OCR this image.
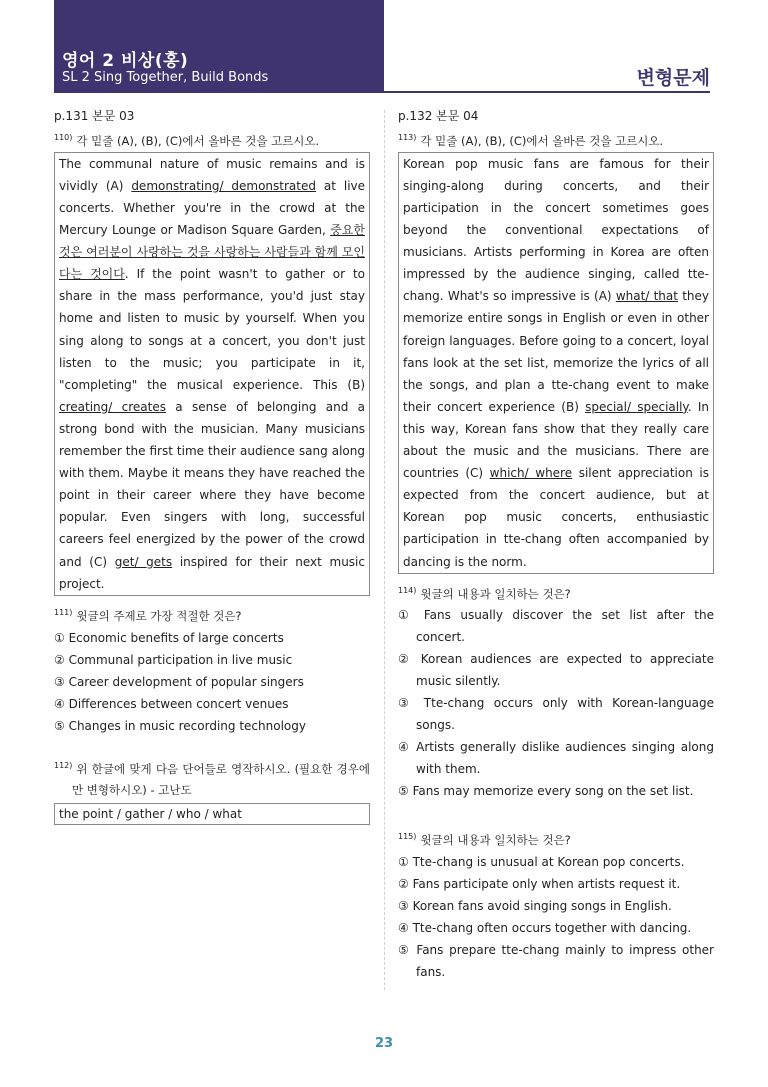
영어 2 비상(홍)
SL 2 Sing Together, Build Bonds	변형문제
p.131 본문 03
$^{110)}$ 각 밑줄 (A), (B), (C)에서 올바른 것을 고르시오.
The communal nature of music remains and is vividly (A) demonstrating/ demonstrated at live concerts. Whether you're in the crowd at the Mercury Lounge or Madison Square Garden, 중요한 것은 여러분이 사랑하는 것을 사랑하는 사람들과 함께 모인다는 것이다. If the point wasn't to gather or to share in the mass performance, you'd just stay home and listen to music by yourself. When you sing along to songs at a concert, you don't just listen to the music; you participate in it, "completing" the musical experience. This (B) creating/ creates a sense of belonging and a strong bond with the musician. Many musicians remember the first time their audience sang along with them. Maybe it means they have reached the point in their career where they have become popular. Even singers with long, successful careers feel energized by the power of the crowd and (C) get/ gets inspired for their next music project.
$^{111)}$ 윗글의 주제로 가장 적절한 것은?
① Economic benefits of large concerts
② Communal participation in live music
③ Career development of popular singers
④ Differences between concert venues
⑤ Changes in music recording technology
$^{112)}$ 위 한글에 맞게 다음 단어들로 영작하시오. (필요한 경우에만 변형하시오) - 고난도
the point / gather / who / what
p.132 본문 04
$^{113)}$ 각 밑줄 (A), (B), (C)에서 올바른 것을 고르시오.
Korean pop music fans are famous for their singing-along during concerts, and their participation in the concert sometimes goes beyond the conventional expectations of musicians. Artists performing in Korea are often impressed by the audience singing, called tte-chang. What's so impressive is (A) what/ that they memorize entire songs in English or even in other foreign languages. Before going to a concert, loyal fans look at the set list, memorize the lyrics of all the songs, and plan a tte-chang event to make their concert experience (B) special/ specially. In this way, Korean fans show that they really care about the music and the musicians. There are countries (C) which/ where silent appreciation is expected from the concert audience, but at Korean pop music concerts, enthusiastic participation in tte-chang often accompanied by dancing is the norm.
$^{114)}$ 윗글의 내용과 일치하는 것은?
① Fans usually discover the set list after the concert.
② Korean audiences are expected to appreciate music silently.
③ Tte-chang occurs only with Korean-language songs.
④ Artists generally dislike audiences singing along with them.
⑤ Fans may memorize every song on the set list.
$^{115)}$ 윗글의 내용과 일치하는 것은?
① Tte-chang is unusual at Korean pop concerts.
② Fans participate only when artists request it.
③ Korean fans avoid singing songs in English.
④ Tte-chang often occurs together with dancing.
⑤ Fans prepare tte-chang mainly to impress other fans.
23
